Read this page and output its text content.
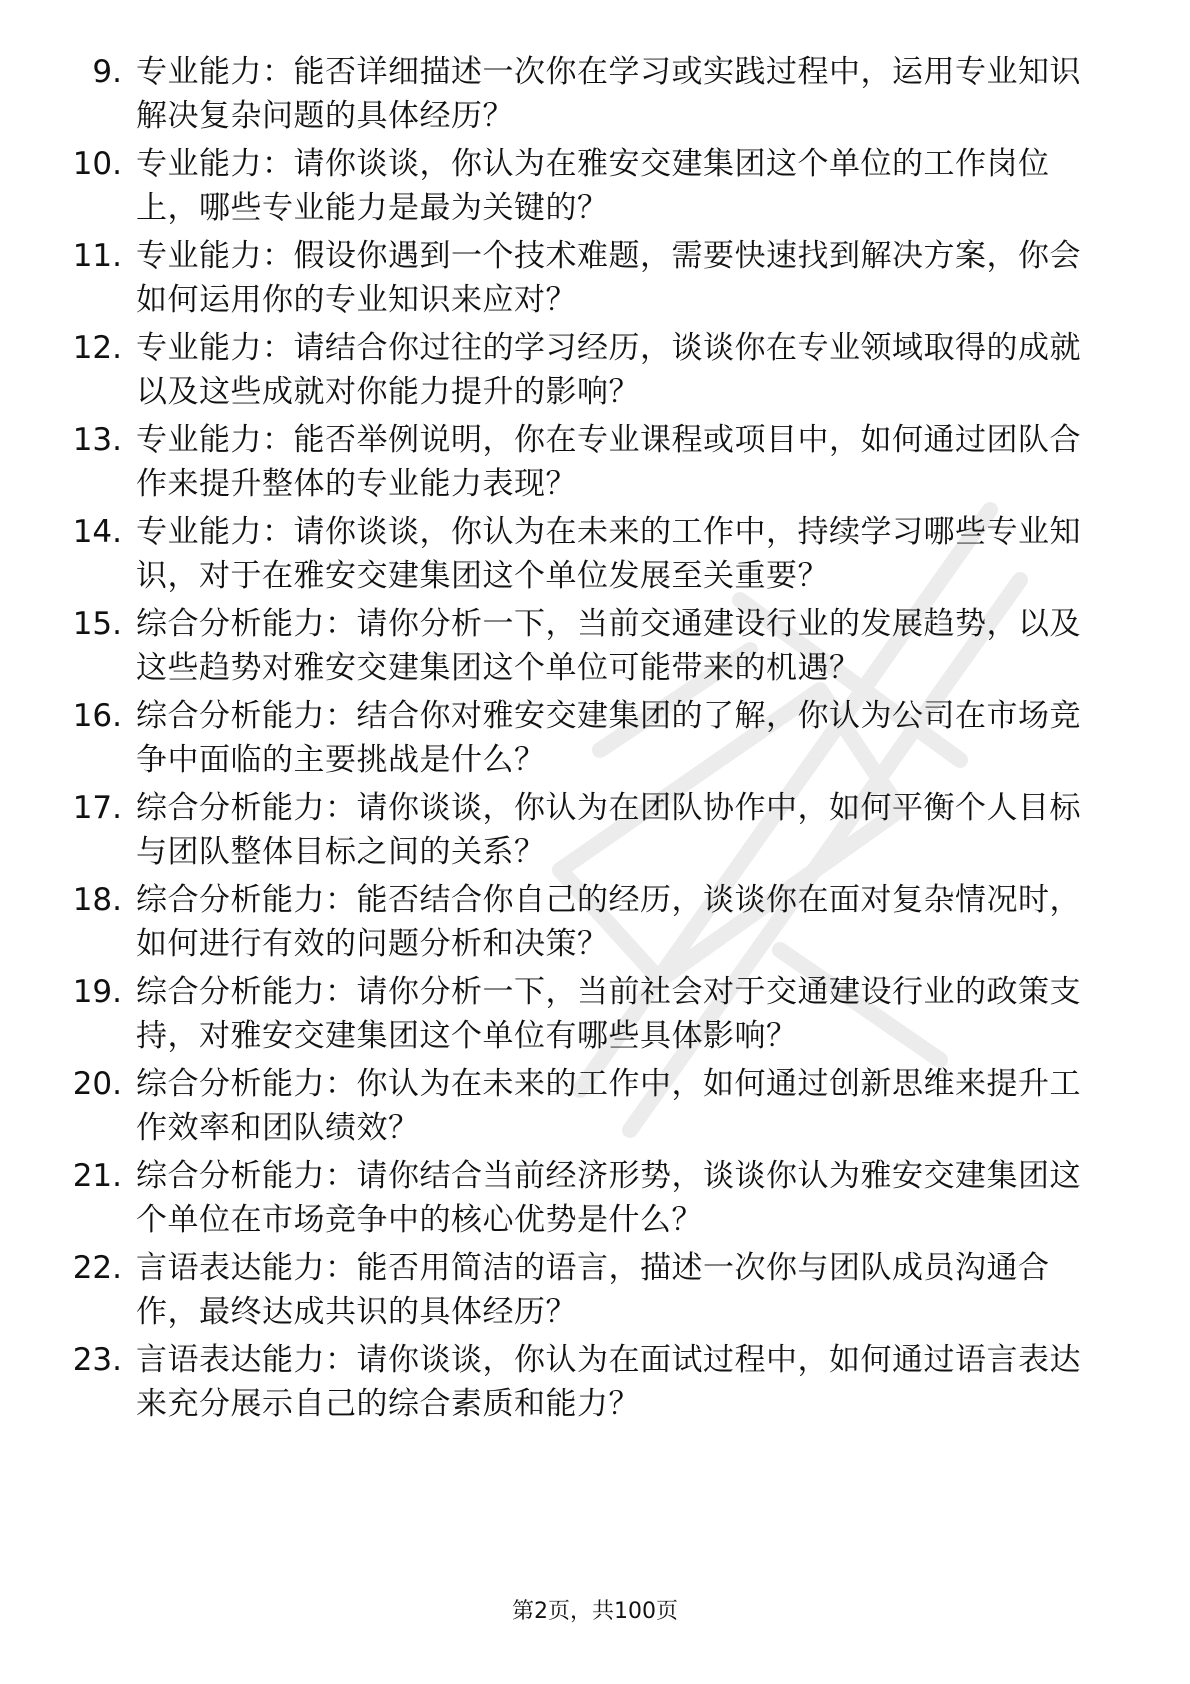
9. 专业能力：能否详细描述一次你在学习或实践过程中，运用专业知识解决复杂问题的具体经历？
10. 专业能力：请你谈谈，你认为在雅安交建集团这个单位的工作岗位上，哪些专业能力是最为关键的？
11. 专业能力：假设你遇到一个技术难题，需要快速找到解决方案，你会如何运用你的专业知识来应对？
12. 专业能力：请结合你过往的学习经历，谈谈你在专业领域取得的成就以及这些成就对你能力提升的影响？
13. 专业能力：能否举例说明，你在专业课程或项目中，如何通过团队合作来提升整体的专业能力表现？
14. 专业能力：请你谈谈，你认为在未来的工作中，持续学习哪些专业知识，对于在雅安交建集团这个单位发展至关重要？
15. 综合分析能力：请你分析一下，当前交通建设行业的发展趋势，以及这些趋势对雅安交建集团这个单位可能带来的机遇？
16. 综合分析能力：结合你对雅安交建集团的了解，你认为公司在市场竞争中面临的主要挑战是什么？
17. 综合分析能力：请你谈谈，你认为在团队协作中，如何平衡个人目标与团队整体目标之间的关系？
18. 综合分析能力：能否结合你自己的经历，谈谈你在面对复杂情况时，如何进行有效的问题分析和决策？
19. 综合分析能力：请你分析一下，当前社会对于交通建设行业的政策支持，对雅安交建集团这个单位有哪些具体影响？
20. 综合分析能力：你认为在未来的工作中，如何通过创新思维来提升工作效率和团队绩效？
21. 综合分析能力：请你结合当前经济形势，谈谈你认为雅安交建集团这个单位在市场竞争中的核心优势是什么？
22. 言语表达能力：能否用简洁的语言，描述一次你与团队成员沟通合作，最终达成共识的具体经历？
23. 言语表达能力：请你谈谈，你认为在面试过程中，如何通过语言表达来充分展示自己的综合素质和能力？
第2页，共100页
